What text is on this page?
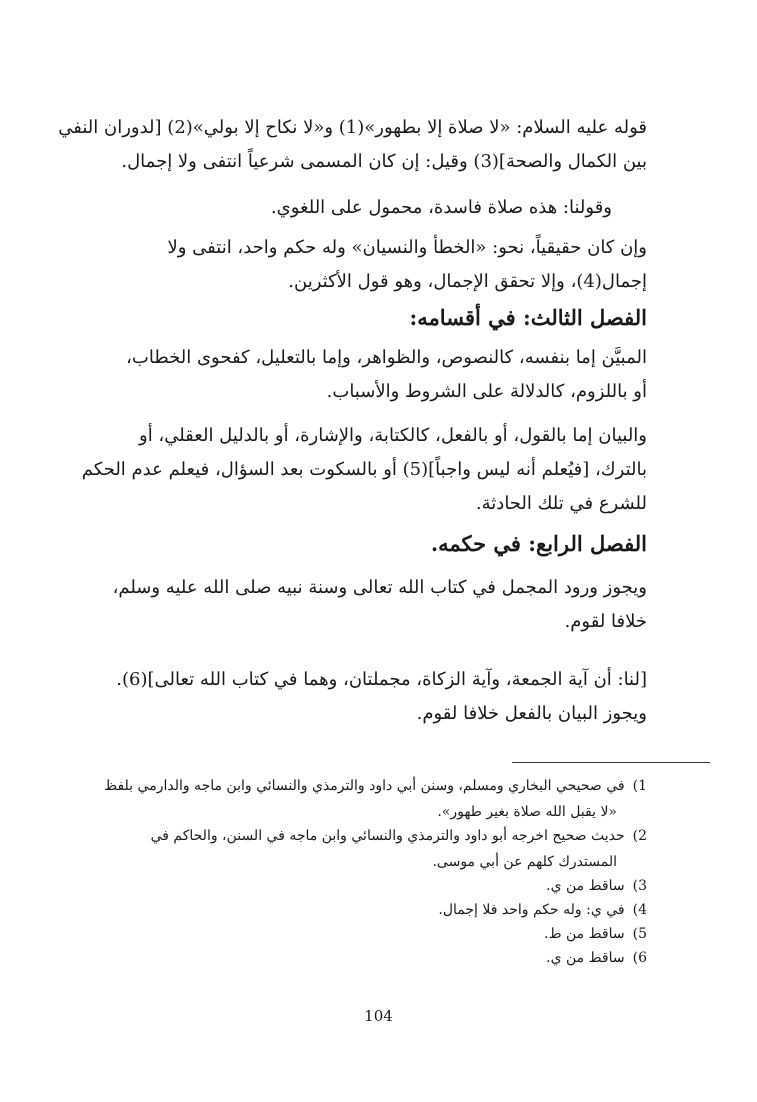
قوله عليه السلام: «لا صلاة إلا بطهور»(1) و«لا نكاح إلا بولي»(2) [لدوران النفي
بين الكمال والصحة](3) وقيل: إن كان المسمى شرعياً انتفى ولا إجمال.
وقولنا: هذه صلاة فاسدة، محمول على اللغوي.
وإن كان حقيقياً، نحو: «الخطأ والنسيان» وله حكم واحد، انتفى ولا
إجمال(4)، وإلا تحقق الإجمال، وهو قول الأكثرين.
الفصل الثالث: في أقسامه:
المبيَّن إما بنفسه، كالنصوص، والظواهر، وإما بالتعليل، كفحوى الخطاب،
أو باللزوم، كالدلالة على الشروط والأسباب.
والبيان إما بالقول، أو بالفعل، كالكتابة، والإشارة، أو بالدليل العقلي، أو
بالترك، [فيُعلم أنه ليس واجباً](5) أو بالسكوت بعد السؤال، فيعلم عدم الحكم
للشرع في تلك الحادثة.
الفصل الرابع: في حكمه.
ويجوز ورود المجمل في كتاب الله تعالى وسنة نبيه صلى الله عليه وسلم،
خلافا لقوم.
[لنا: أن آية الجمعة، وآية الزكاة، مجملتان، وهما في كتاب الله تعالى](6).
ويجوز البيان بالفعل خلافا لقوم.
1)في صحيحي البخاري ومسلم، وسنن أبي داود والترمذي والنسائي وابن ماجه والدارمي بلفظ
«لا يقبل الله صلاة بغير طهور».
2)حديث صحيح اخرجه أبو داود والترمذي والنسائي وابن ماجه في السنن، والحاكم في
المستدرك كلهم عن أبي موسى.
3)ساقط من ي.
4)في ي: وله حكم واحد فلا إجمال.
5)ساقط من ط.
6)ساقط من ي.
104
